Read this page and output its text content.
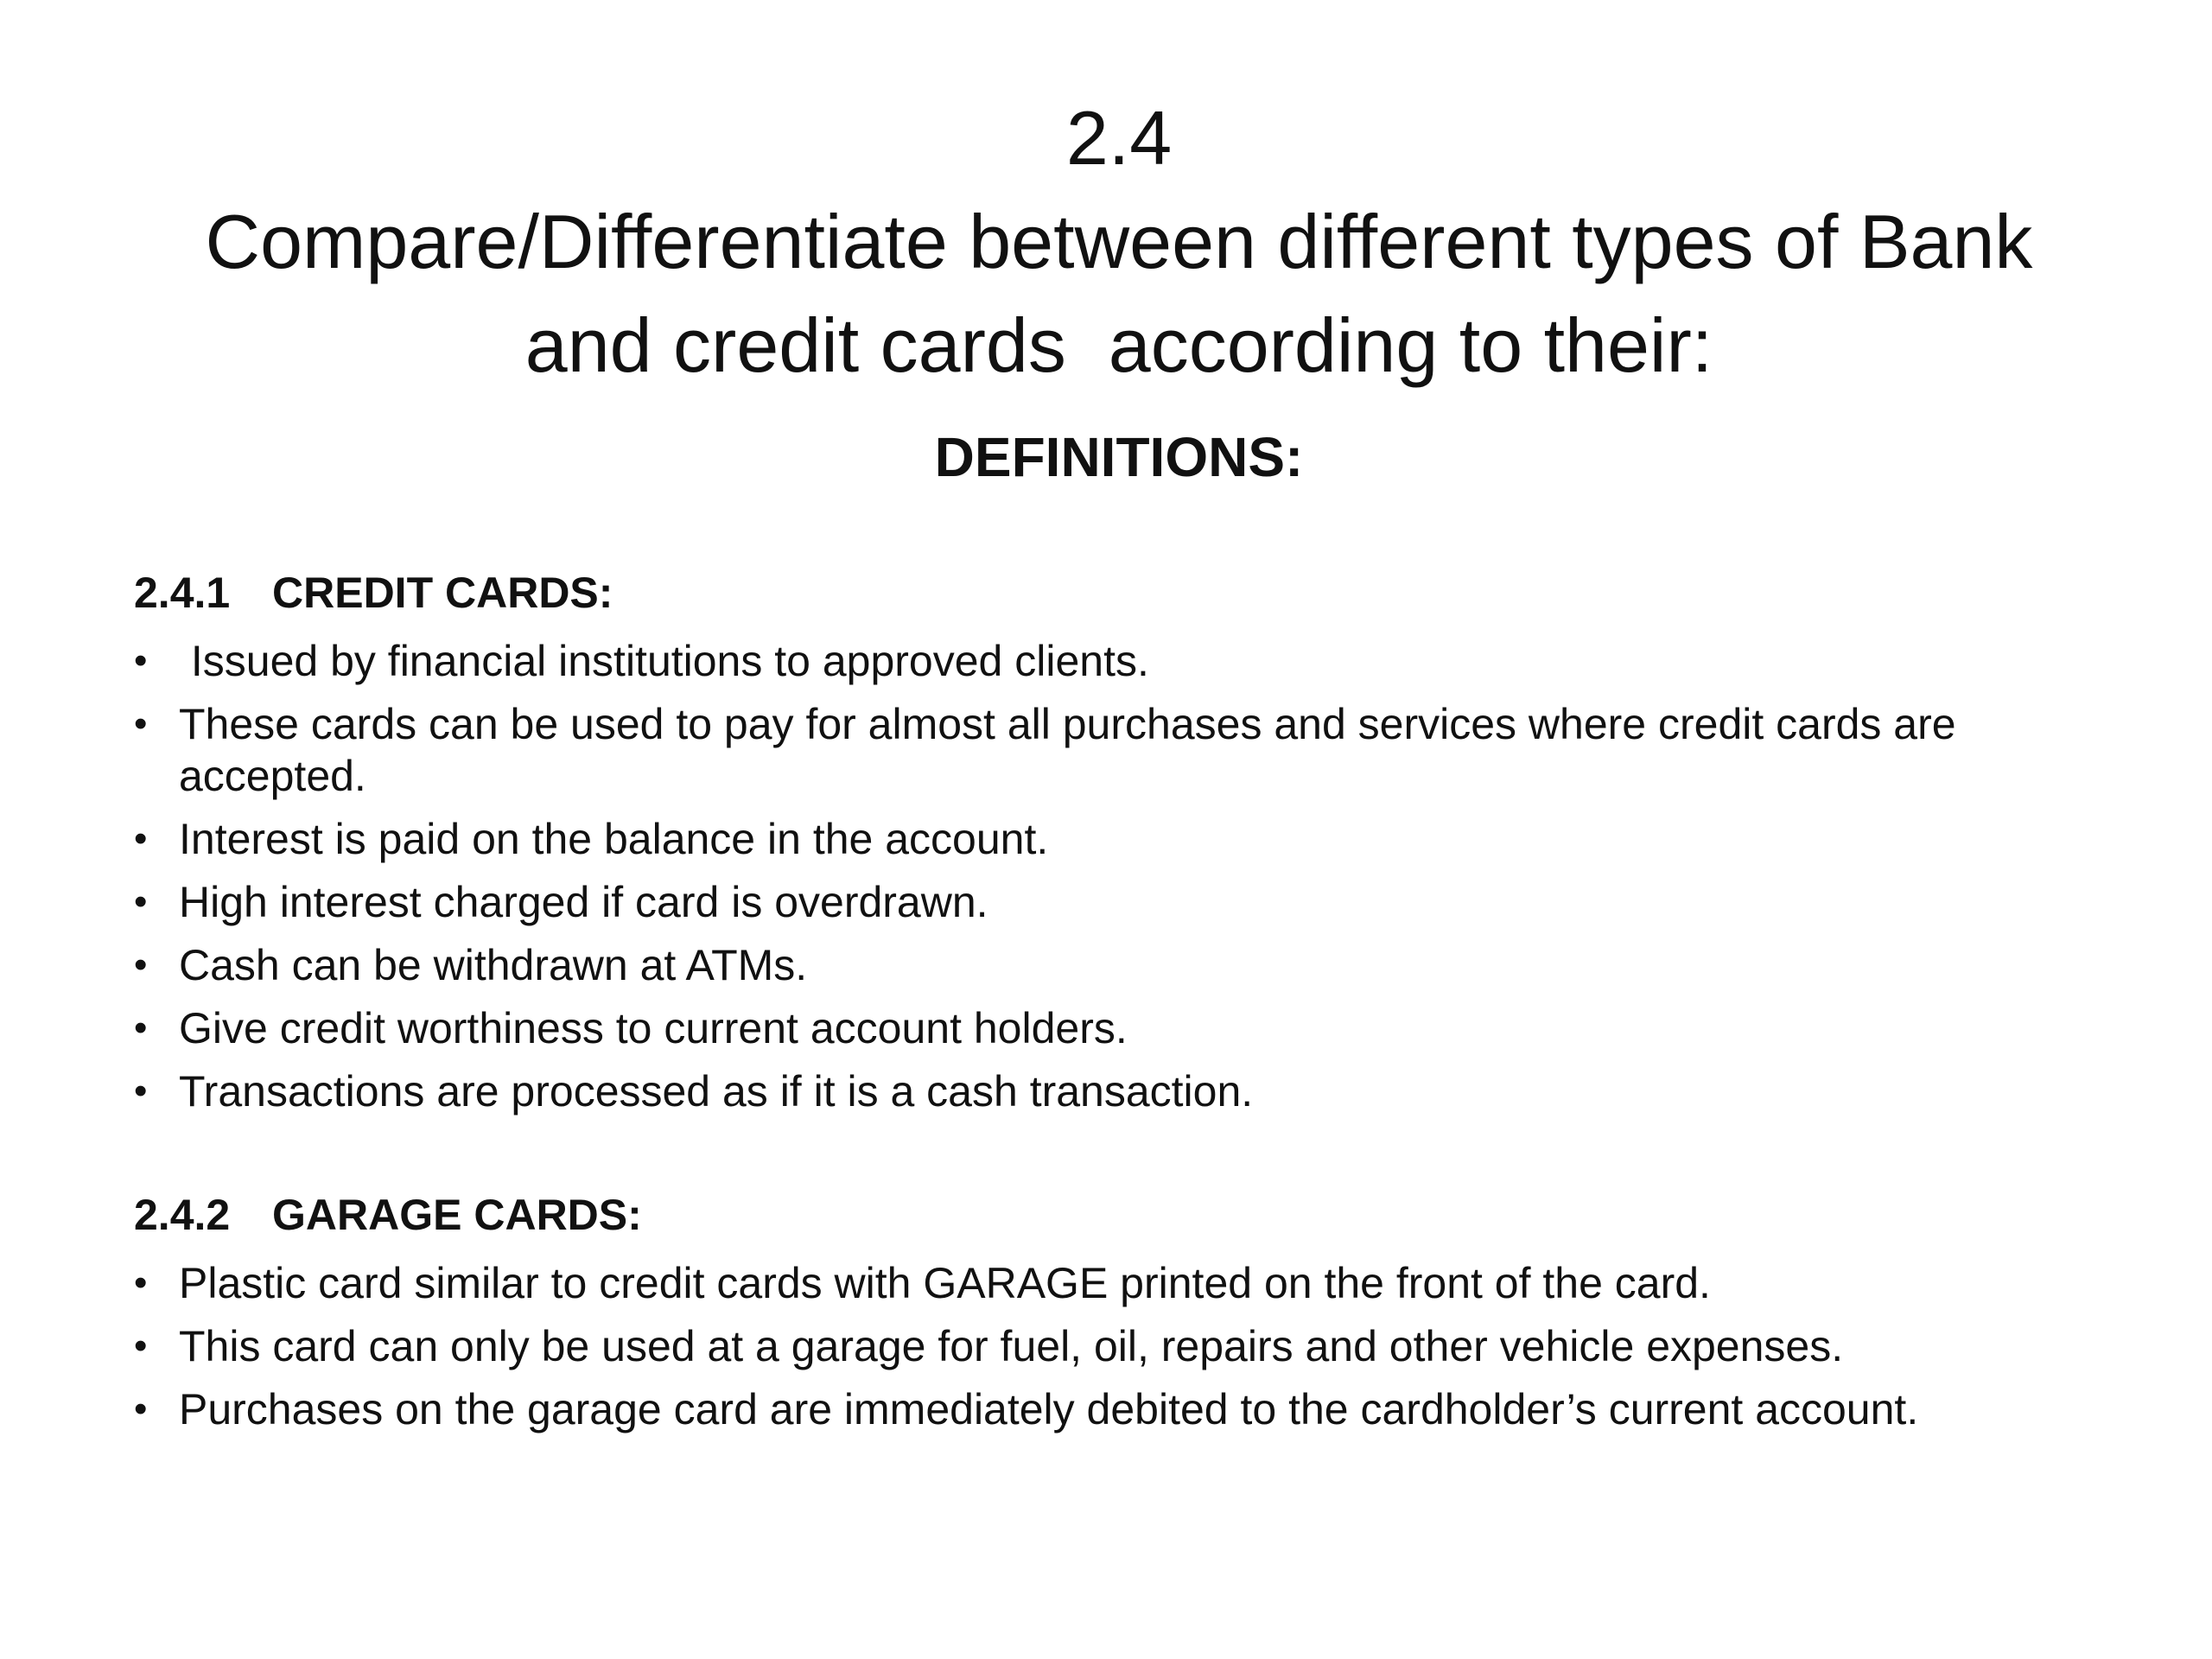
2.4
Compare/Differentiate between different types of Bank
and credit cards  according to their:
DEFINITIONS:
2.4.1 CREDIT CARDS:
• Issued by financial institutions to approved clients.
• These cards can be used to pay for almost all purchases and services where credit cards are accepted.
• Interest is paid on the balance in the account.
• High interest charged if card is overdrawn.
• Cash can be withdrawn at ATMs.
• Give credit worthiness to current account holders.
• Transactions are processed as if it is a cash transaction.
2.4.2 GARAGE CARDS:
• Plastic card similar to credit cards with GARAGE printed on the front of the card.
• This card can only be used at a garage for fuel, oil, repairs and other vehicle expenses.
• Purchases on the garage card are immediately debited to the cardholder’s current account.
